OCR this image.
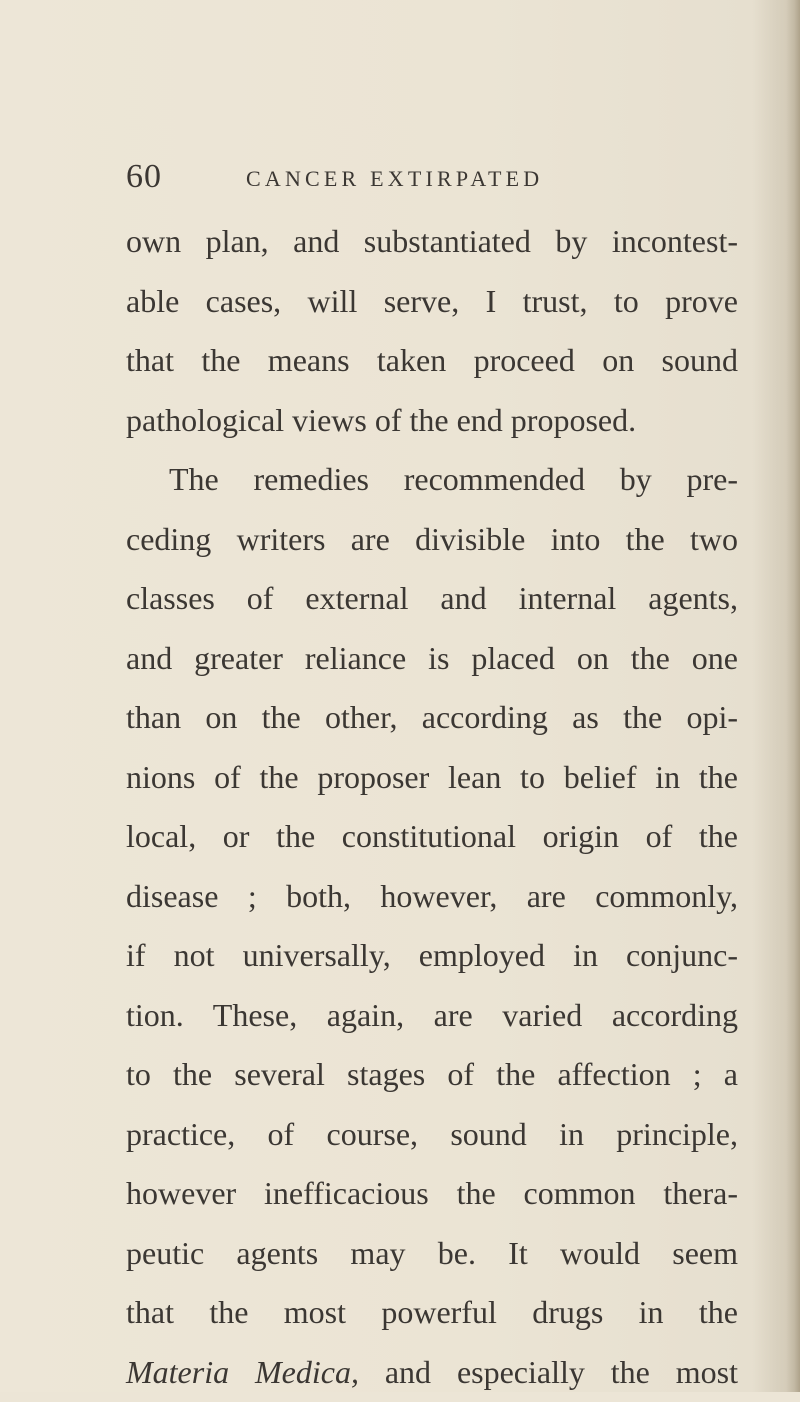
60	CANCER EXTIRPATED
own plan, and substantiated by incontest-
able cases, will serve, I trust, to prove
that the means taken proceed on sound
pathological views of the end proposed.
The remedies recommended by pre-
ceding writers are divisible into the two
classes of external and internal agents,
and greater reliance is placed on the one
than on the other, according as the opi-
nions of the proposer lean to belief in the
local, or the constitutional origin of the
disease ; both, however, are commonly,
if not universally, employed in conjunc-
tion. These, again, are varied according
to the several stages of the affection ; a
practice, of course, sound in principle,
however inefficacious the common thera-
peutic agents may be. It would seem
that the most powerful drugs in the
Materia Medica, and especially the most
